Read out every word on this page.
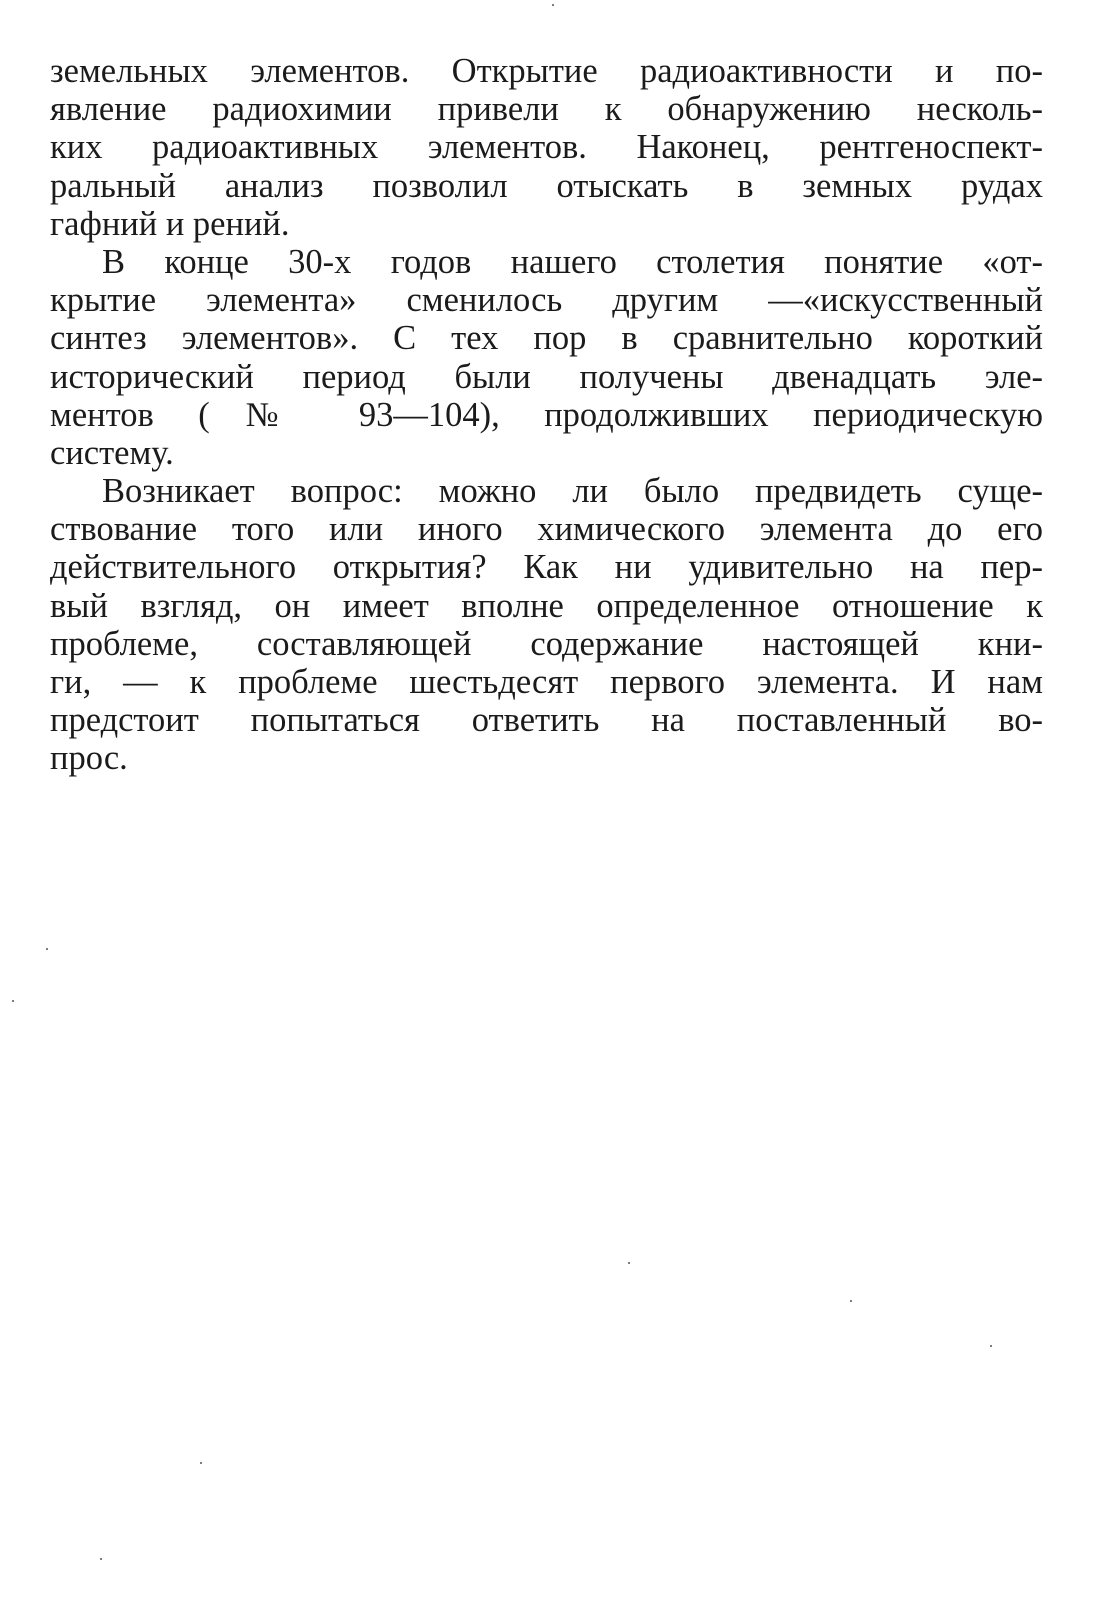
земельных элементов. Открытие радиоактивности и по-
явление радиохимии привели к обнаружению несколь-
ких радиоактивных элементов. Наконец, рентгеноспект-
ральный анализ позволил отыскать в земных рудах
гафний и рений.
В конце 30-х годов нашего столетия понятие «от-
крытие элемента» сменилось другим —«искусственный
синтез элементов». С тех пор в сравнительно короткий
исторический период были получены двенадцать эле-
ментов (№ 93—104), продолживших периодическую
систему.
Возникает вопрос: можно ли было предвидеть суще-
ствование того или иного химического элемента до его
действительного открытия? Как ни удивительно на пер-
вый взгляд, он имеет вполне определенное отношение к
проблеме, составляющей содержание настоящей кни-
ги, — к проблеме шестьдесят первого элемента. И нам
предстоит попытаться ответить на поставленный во-
прос.
